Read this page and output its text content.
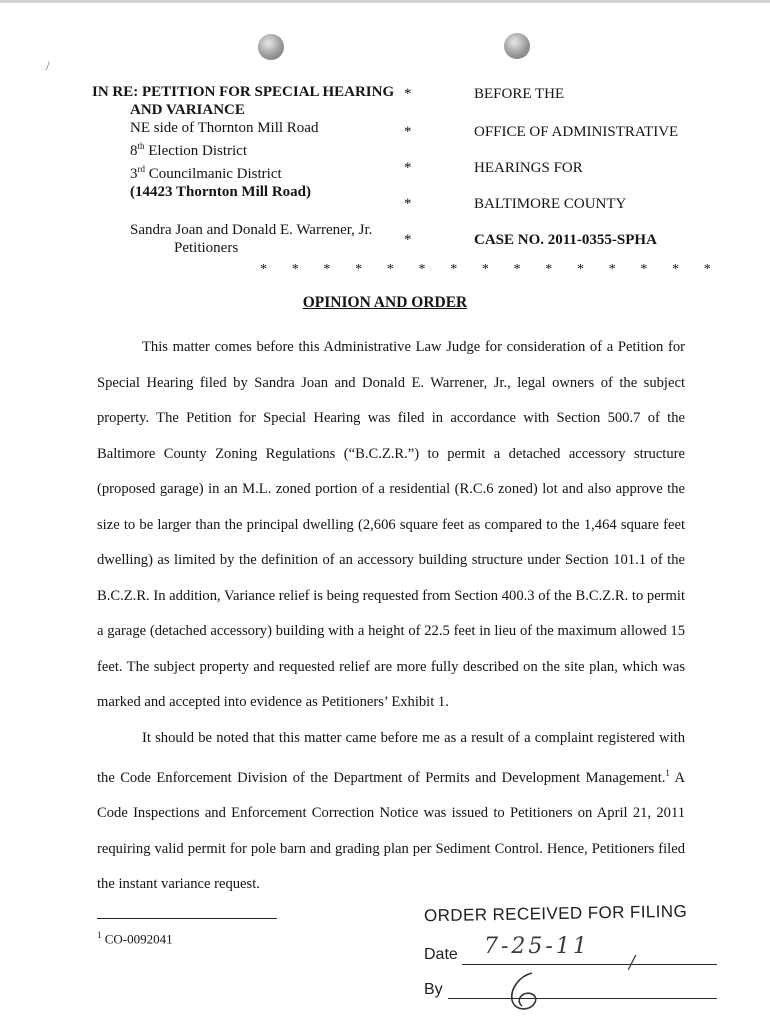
/
IN RE: PETITION FOR SPECIAL HEARING
AND VARIANCE
NE side of Thornton Mill Road
8th Election District
3rd Councilmanic District
(14423 Thornton Mill Road)
Sandra Joan and Donald E. Warrener, Jr.
Petitioners
*
*
*
*
*
BEFORE THE
OFFICE OF ADMINISTRATIVE
HEARINGS FOR
BALTIMORE COUNTY
CASE NO. 2011-0355-SPHA
* * * * * * * * * * * * * * *
OPINION AND ORDER

This matter comes before this Administrative Law Judge for consideration of a Petition for Special Hearing filed by Sandra Joan and Donald E. Warrener, Jr., legal owners of the subject property. The Petition for Special Hearing was filed in accordance with Section 500.7 of the Baltimore County Zoning Regulations (“B.C.Z.R.”) to permit a detached accessory structure (proposed garage) in an M.L. zoned portion of a residential (R.C.6 zoned) lot and also approve the size to be larger than the principal dwelling (2,606 square feet as compared to the 1,464 square feet dwelling) as limited by the definition of an accessory building structure under Section 101.1 of the B.C.Z.R. In addition, Variance relief is being requested from Section 400.3 of the B.C.Z.R. to permit a garage (detached accessory) building with a height of 22.5 feet in lieu of the maximum allowed 15 feet. The subject property and requested relief are more fully described on the site plan, which was marked and accepted into evidence as Petitioners’ Exhibit 1.

It should be noted that this matter came before me as a result of a complaint registered with the Code Enforcement Division of the Department of Permits and Development Management.$^1$ A Code Inspections and Enforcement Correction Notice was issued to Petitioners on April 21, 2011 requiring valid permit for pole barn and grading plan per Sediment Control. Hence, Petitioners filed the instant variance request.

$^1$ CO-0092041
ORDER RECEIVED FOR FILING
Date 7-25-11
/
By
